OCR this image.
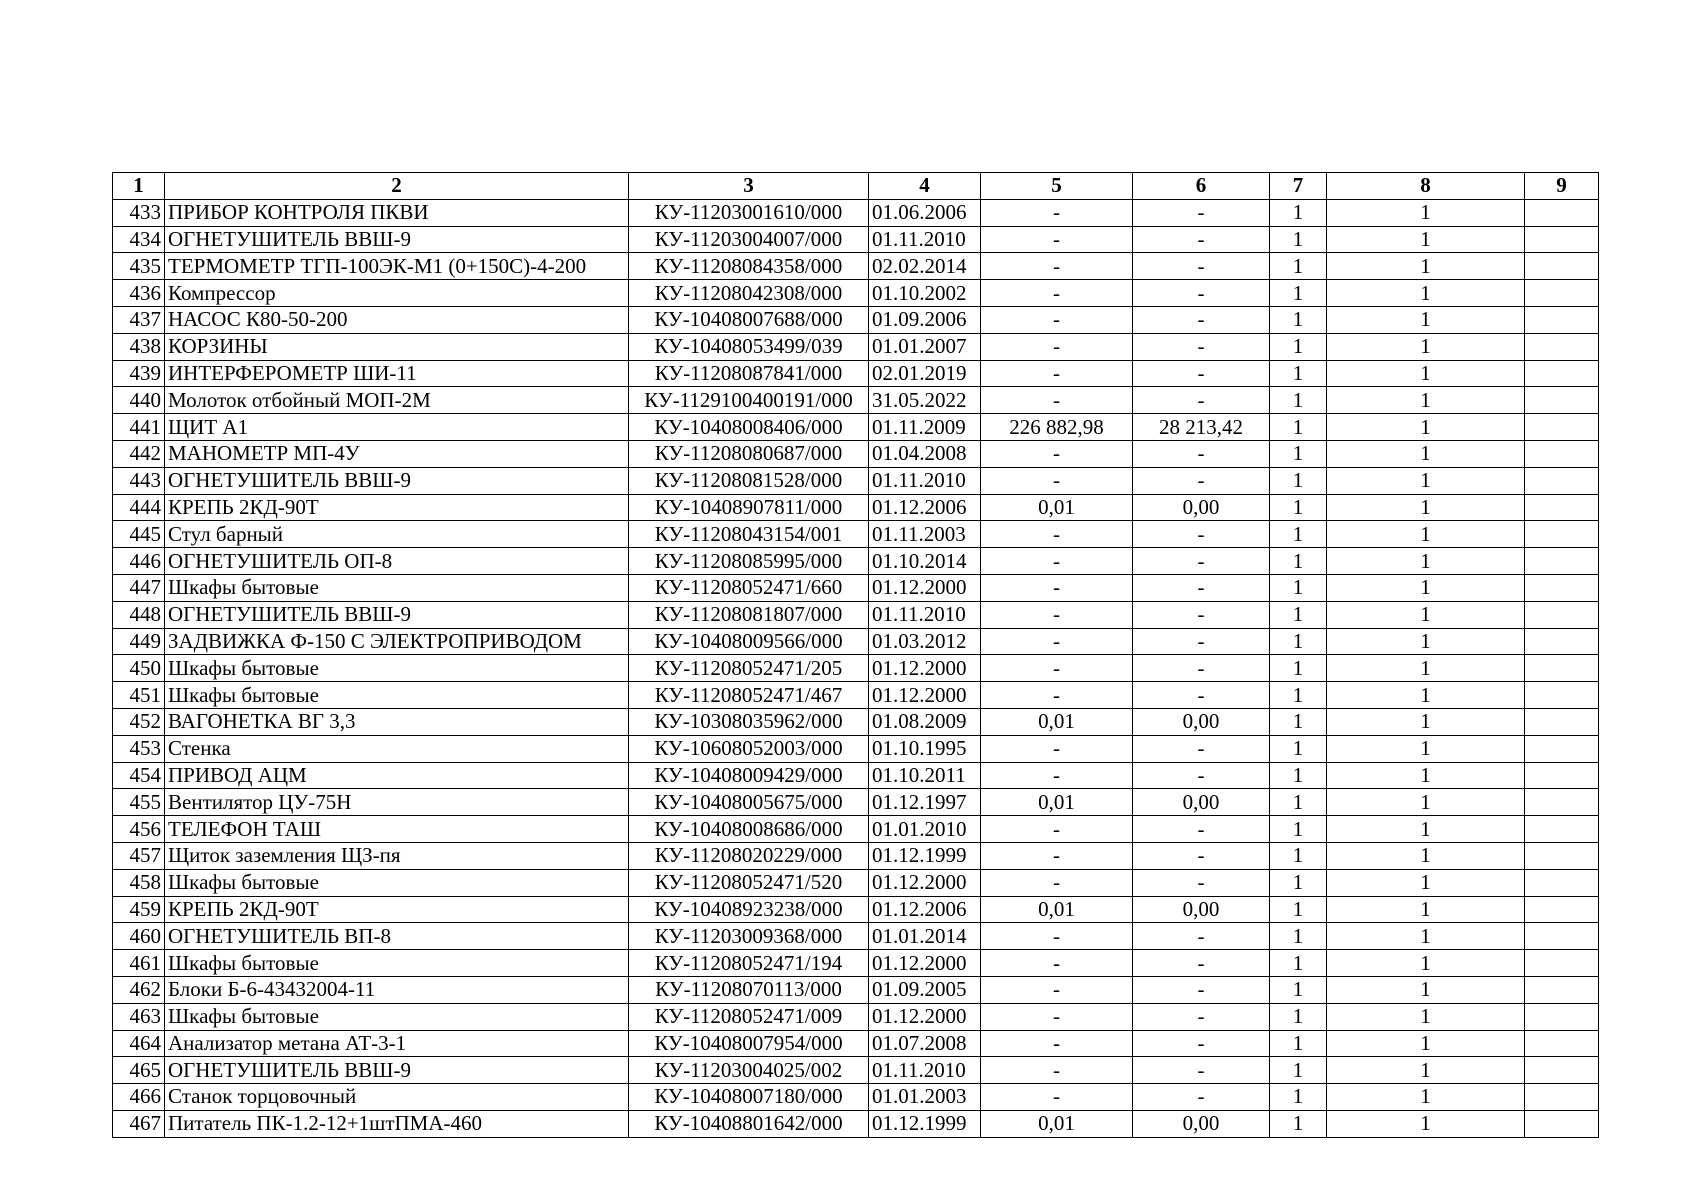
1	2	3	4	5	6	7	8	9
433	ПРИБОР КОНТРОЛЯ ПКВИ	КУ-11203001610/000	01.06.2006	-	-	1	1	
434	ОГНЕТУШИТЕЛЬ ВВШ-9	КУ-11203004007/000	01.11.2010	-	-	1	1	
435	ТЕРМОМЕТР ТГП-100ЭК-М1 (0+150С)-4-200	КУ-11208084358/000	02.02.2014	-	-	1	1	
436	Компрессор	КУ-11208042308/000	01.10.2002	-	-	1	1	
437	НАСОС К80-50-200	КУ-10408007688/000	01.09.2006	-	-	1	1	
438	КОРЗИНЫ	КУ-10408053499/039	01.01.2007	-	-	1	1	
439	ИНТЕРФЕРОМЕТР ШИ-11	КУ-11208087841/000	02.01.2019	-	-	1	1	
440	Молоток отбойный МОП-2М	КУ-1129100400191/000	31.05.2022	-	-	1	1	
441	ЩИТ А1	КУ-10408008406/000	01.11.2009	226 882,98	28 213,42	1	1	
442	МАНОМЕТР МП-4У	КУ-11208080687/000	01.04.2008	-	-	1	1	
443	ОГНЕТУШИТЕЛЬ ВВШ-9	КУ-11208081528/000	01.11.2010	-	-	1	1	
444	КРЕПЬ 2КД-90Т	КУ-10408907811/000	01.12.2006	0,01	0,00	1	1	
445	Стул барный	КУ-11208043154/001	01.11.2003	-	-	1	1	
446	ОГНЕТУШИТЕЛЬ ОП-8	КУ-11208085995/000	01.10.2014	-	-	1	1	
447	Шкафы бытовые	КУ-11208052471/660	01.12.2000	-	-	1	1	
448	ОГНЕТУШИТЕЛЬ ВВШ-9	КУ-11208081807/000	01.11.2010	-	-	1	1	
449	ЗАДВИЖКА Ф-150 С ЭЛЕКТРОПРИВОДОМ	КУ-10408009566/000	01.03.2012	-	-	1	1	
450	Шкафы бытовые	КУ-11208052471/205	01.12.2000	-	-	1	1	
451	Шкафы бытовые	КУ-11208052471/467	01.12.2000	-	-	1	1	
452	ВАГОНЕТКА ВГ 3,3	КУ-10308035962/000	01.08.2009	0,01	0,00	1	1	
453	Стенка	КУ-10608052003/000	01.10.1995	-	-	1	1	
454	ПРИВОД АЦМ	КУ-10408009429/000	01.10.2011	-	-	1	1	
455	Вентилятор ЦУ-75Н	КУ-10408005675/000	01.12.1997	0,01	0,00	1	1	
456	ТЕЛЕФОН ТАШ	КУ-10408008686/000	01.01.2010	-	-	1	1	
457	Щиток заземления ЩЗ-пя	КУ-11208020229/000	01.12.1999	-	-	1	1	
458	Шкафы бытовые	КУ-11208052471/520	01.12.2000	-	-	1	1	
459	КРЕПЬ 2КД-90Т	КУ-10408923238/000	01.12.2006	0,01	0,00	1	1	
460	ОГНЕТУШИТЕЛЬ ВП-8	КУ-11203009368/000	01.01.2014	-	-	1	1	
461	Шкафы бытовые	КУ-11208052471/194	01.12.2000	-	-	1	1	
462	Блоки Б-6-43432004-11	КУ-11208070113/000	01.09.2005	-	-	1	1	
463	Шкафы бытовые	КУ-11208052471/009	01.12.2000	-	-	1	1	
464	Анализатор метана АТ-3-1	КУ-10408007954/000	01.07.2008	-	-	1	1	
465	ОГНЕТУШИТЕЛЬ ВВШ-9	КУ-11203004025/002	01.11.2010	-	-	1	1	
466	Станок торцовочный	КУ-10408007180/000	01.01.2003	-	-	1	1	
467	Питатель ПК-1.2-12+1штПМА-460	КУ-10408801642/000	01.12.1999	0,01	0,00	1	1	
